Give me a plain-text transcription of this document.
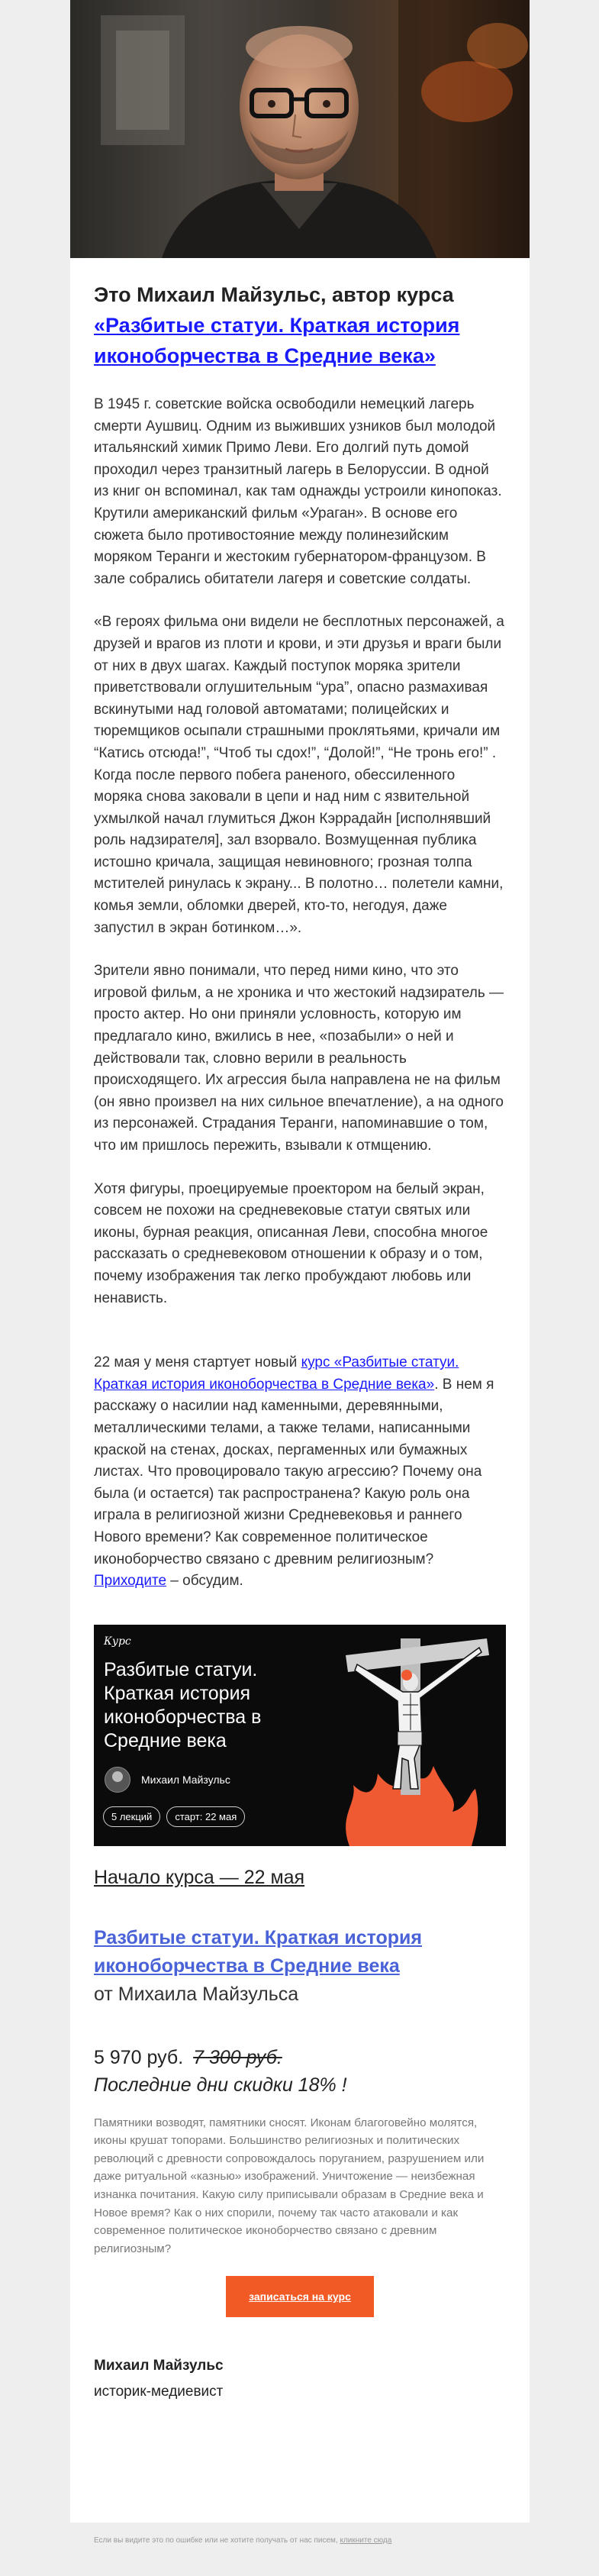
Это Михаил Майзульс, автор курса «Разбитые статуи. Краткая история иконоборчества в Средние века»

В 1945 г. советские войска освободили немецкий лагерь смерти Аушвиц. Одним из выживших узников был молодой итальянский химик Примо Леви. Его долгий путь домой проходил через транзитный лагерь в Белоруссии. В одной из книг он вспоминал, как там однажды устроили кинопоказ. Крутили американский фильм «Ураган». В основе его сюжета было противостояние между полинезийским моряком Теранги и жестоким губернатором-французом. В зале собрались обитатели лагеря и советские солдаты.

«В героях фильма они видели не бесплотных персонажей, а друзей и врагов из плоти и крови, и эти друзья и враги были от них в двух шагах. Каждый поступок моряка зрители приветствовали оглушительным “ура”, опасно размахивая вскинутыми над головой автоматами; полицейских и тюремщиков осыпали страшными проклятьями, кричали им “Катись отсюда!”, “Чтоб ты сдох!”, “Долой!”, “Не тронь его!” . Когда после первого побега раненого, обессиленного моряка снова заковали в цепи и над ним с язвительной ухмылкой начал глумиться Джон Кэррадайн [исполнявший роль надзирателя], зал взорвало. Возмущенная публика истошно кричала, защищая невиновного; грозная толпа мстителей ринулась к экрану... В полотно… полетели камни, комья земли, обломки дверей, кто-то, негодуя, даже запустил в экран ботинком…».

Зрители явно понимали, что перед ними кино, что это игровой фильм, а не хроника и что жестокий надзиратель — просто актер. Но они приняли условность, которую им предлагало кино, вжились в нее, «позабыли» о ней и действовали так, словно верили в реальность происходящего. Их агрессия была направлена не на фильм (он явно произвел на них сильное впечатление), а на одного из персонажей. Страдания Теранги, напоминавшие о том, что им пришлось пережить, взывали к отмщению.

Хотя фигуры, проецируемые проектором на белый экран, совсем не похожи на средневековые статуи святых или иконы, бурная реакция, описанная Леви, способна многое рассказать о средневековом отношении к образу и о том, почему изображения так легко пробуждают любовь или ненависть.

22 мая у меня стартует новый курс «Разбитые статуи. Краткая история иконоборчества в Средние века». В нем я расскажу о насилии над каменными, деревянными, металлическими телами, а также телами, написанными краской на стенах, досках, пергаменных или бумажных листах. Что провоцировало такую агрессию? Почему она была (и остается) так распространена? Какую роль она играла в религиозной жизни Средневековья и раннего Нового времени? Как современное политическое иконоборчество связано с древним религиозным? Приходите – обсудим.

Курс
Разбитые статуи. Краткая история иконоборчества в Средние века
Михаил Майзульс
5 лекций	старт: 22 мая
Начало курса — 22 мая
Разбитые статуи. Краткая история иконоборчества в Средние века
от Михаила Майзульса
5 970 руб. 7 300 руб.
Последние дни скидки 18% !
Памятники возводят, памятники сносят. Иконам благоговейно молятся, иконы крушат топорами. Большинство религиозных и политических революций с древности сопровождалось поруганием, разрушением или даже ритуальной «казнью» изображений. Уничтожение — неизбежная изнанка почитания. Какую силу приписывали образам в Средние века и Новое время? Как о них спорили, почему так часто атаковали и как современное политическое иконоборчество связано с древним религиозным?
записаться на курс
Михаил Майзульс
историк-медиевист
Если вы видите это по ошибке или не хотите получать от нас писем, кликните сюда
